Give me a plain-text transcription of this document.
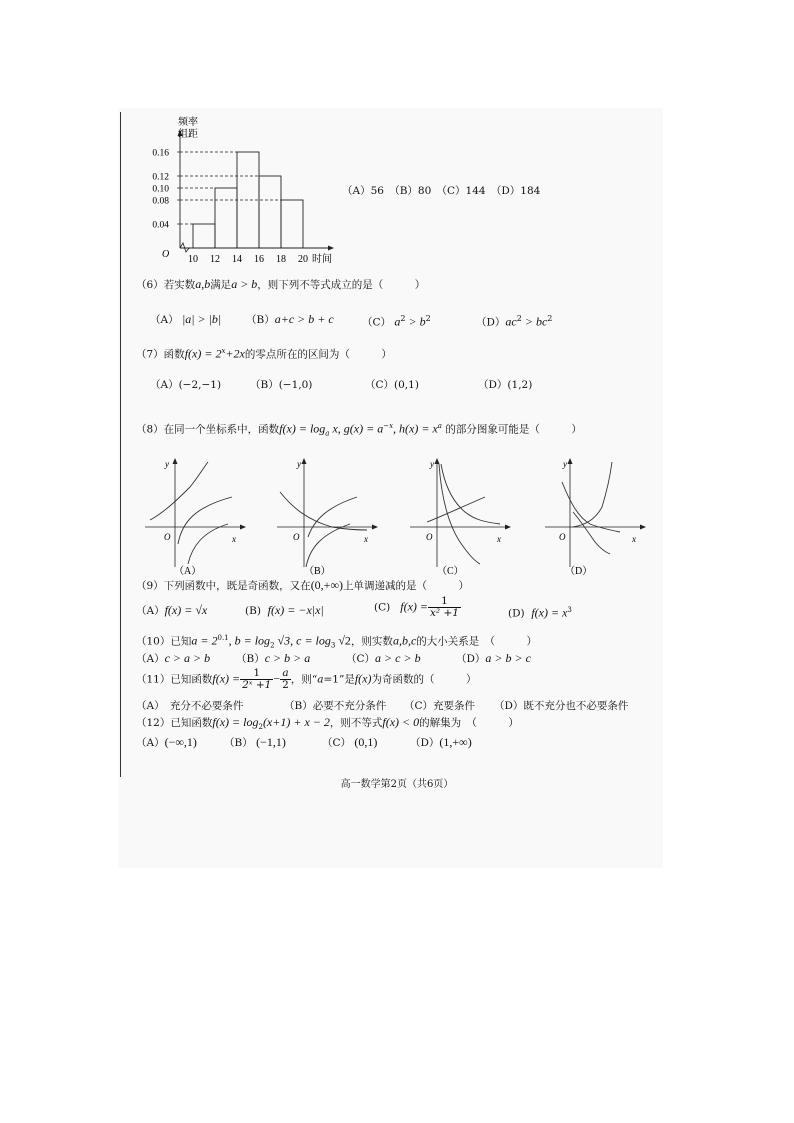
频率
组距
O
0.16
0.12
0.10
0.08
0.04
10 12 14 16 18 20 时间
（A）56　（B）80　（C）144　（D）184
（6）若实数a,b满足a > b，则下列不等式成立的是（　　　）
（A） |a| > |b| （B）a+c > b + c	（C） $a^2 > b^2$	$(D)ac^2 > bc^2$
（7）函数$f(x) = 2^x+2x$的零点所在的区间为（　　　）
（A）(−2,−1)	（B）(−1,0)	（C）(0,1)	（D）(1,2)
（8）在同一个坐标系中，函数$f(x) = \log_a x$, $g(x) = a^{-x}$, $h(x) = x^a$ 的部分图象可能是（　　　）
y
x
O
（A）
y
x
O
（B）
y
x
O
（C）
y
x
O
（D）
（9）下列函数中，既是奇函数，又在(0,+∞)上单调递减的是（　　　）
（A）f(x) = √x	(B) f(x) = −x|x|	(C) $f(x) = \frac{1}{\text{x² +1}}$	(D) $f(x) = x^3$
（10）已知$a = 2^{0.1}$, $b = \log_2 √3$, $c = \log_3 √2$，则实数a,b,c的大小关系是　（　　　）
（A）c > a > b （B）c > b > a	（C）a > c > b	（D）a > b > c
（11）已知函数$f(x) = \frac{1}{\text{2ˣ +1}} - \frac{a}{2}$ ，则“a=1”是f(x)为奇函数的（　　　）
（A）　充分不必要条件	（B）必要不充分条件 （C）充要条件 （D）既不充分也不必要条件
（12）已知函数$f(x) = \log_2(x+1) + x - 2$，则不等式f(x) < 0的解集为　（　　　）
（A）(−∞,1)	（B） (−1,1)	（C） (0,1)	（D）(1,+∞)
高一数学第2页（共6页）
